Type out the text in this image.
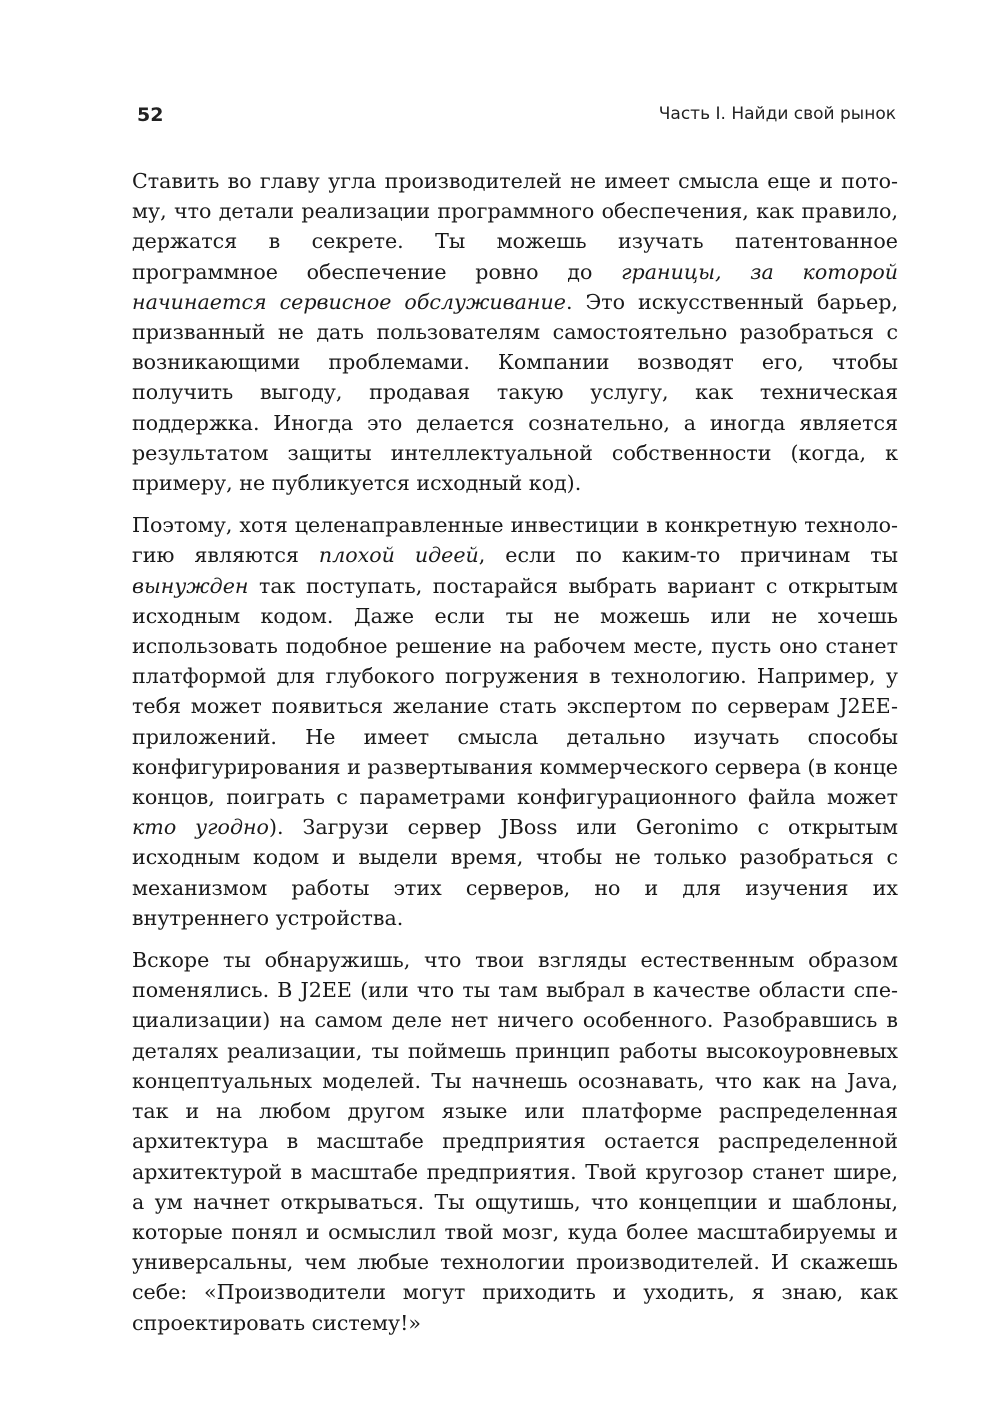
52	Часть I. Найди свой рынок

Ставить во главу угла производителей не имеет смысла еще и потому, что детали реализации программного обеспечения, как правило, держатся в секрете. Ты можешь изучать патентованное программное обеспечение ровно до границы, за которой начинается сервисное обслуживание. Это искусственный барьер, призванный не дать пользователям самостоятельно разобраться с возникающими проблемами. Компании возводят его, чтобы получить выгоду, продавая такую услугу, как техническая поддержка. Иногда это делается сознательно, а иногда является результатом защиты интеллектуальной собственности (когда, к примеру, не публикуется исходный код).

Поэтому, хотя целенаправленные инвестиции в конкретную технологию являются плохой идеей, если по каким-то причинам ты вынужден так поступать, постарайся выбрать вариант с открытым исходным кодом. Даже если ты не можешь или не хочешь использовать подобное решение на рабочем месте, пусть оно станет платформой для глубокого погружения в технологию. Например, у тебя может появиться желание стать экспертом по серверам J2EE-приложений. Не имеет смысла детально изучать способы конфигурирования и развертывания коммерческого сервера (в конце концов, поиграть с параметрами конфигурационного файла может кто угодно). Загрузи сервер JBoss или Geronimo с открытым исходным кодом и выдели время, чтобы не только разобраться с механизмом работы этих серверов, но и для изучения их внутреннего устройства.

Вскоре ты обнаружишь, что твои взгляды естественным образом поменялись. В J2EE (или что ты там выбрал в качестве области специализации) на самом деле нет ничего особенного. Разобравшись в деталях реализации, ты поймешь принцип работы высокоуровневых концептуальных моделей. Ты начнешь осознавать, что как на Java, так и на любом другом языке или платформе распределенная архитектура в масштабе предприятия остается распределенной архитектурой в масштабе предприятия. Твой кругозор станет шире, а ум начнет открываться. Ты ощутишь, что концепции и шаблоны, которые понял и осмыслил твой мозг, куда более масштабируемы и универсальны, чем любые технологии производителей. И скажешь себе: «Производители могут приходить и уходить, я знаю, как спроектировать систему!»
